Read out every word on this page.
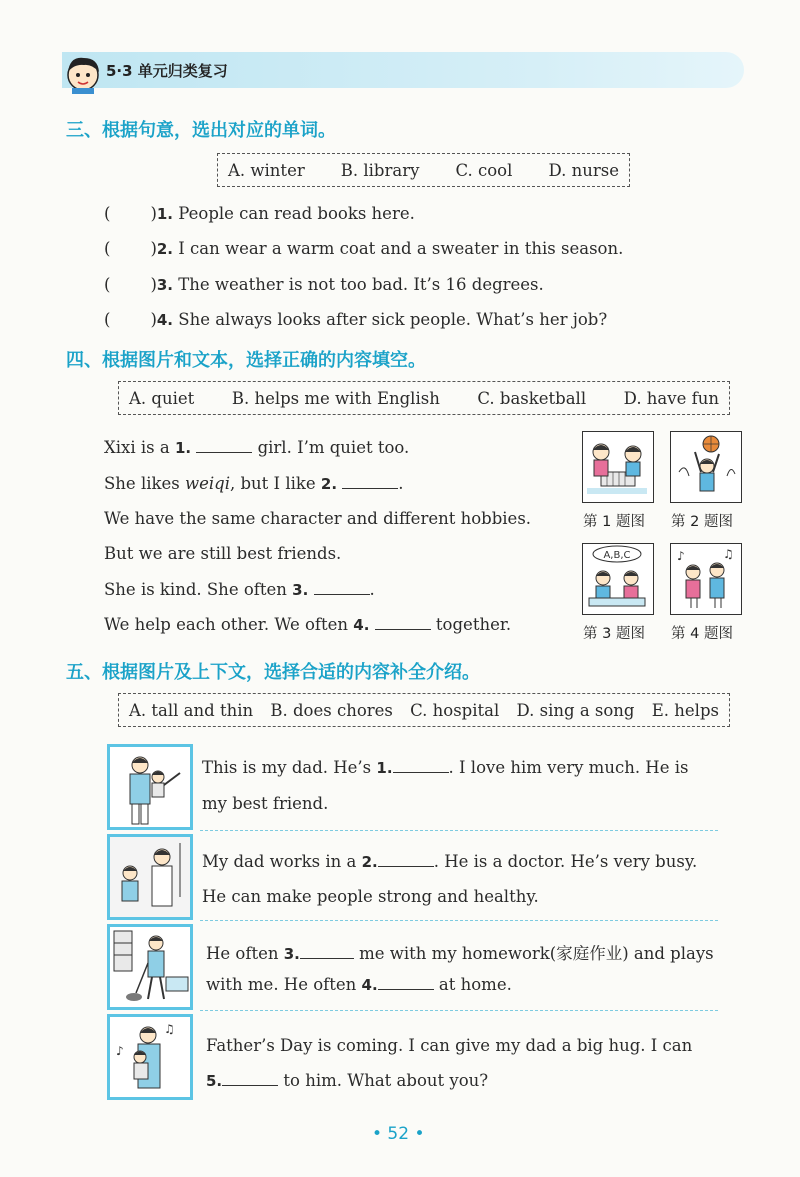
5·3 单元归类复习
三、根据句意，选出对应的单词。
A. winter B. library C. cool D. nurse
( )1. People can read books here.
( )2. I can wear a warm coat and a sweater in this season.
( )3. The weather is not too bad. It’s 16 degrees.
( )4. She always looks after sick people. What’s her job?
四、根据图片和文本，选择正确的内容填空。
A. quiet B. helps me with English C. basketball D. have fun
Xixi is a 1.	girl. I’m quiet too.
She likes weiqi, but I like 2.	.
We have the same character and different hobbies.
But we are still best friends.
She is kind. She often 3.	.
We help each other. We often 4.	together.
第 1 题图 第 2 题图
A,B,C	♪	♫
第 3 题图 第 4 题图
五、根据图片及上下文，选择合适的内容补全介绍。
A. tall and thin B. does chores C. hospital D. sing a song E. helps
This is my dad. He’s 1.	. I love him very much. He is
my best friend.
My dad works in a 2.	. He is a doctor. He’s very busy.
He can make people strong and healthy.
He often 3.	me with my homework(家庭作业) and plays
with me. He often 4.	at home.
♫
♪	Father’s Day is coming. I can give my dad a big hug. I can
5.	to him. What about you?
• 52 •
